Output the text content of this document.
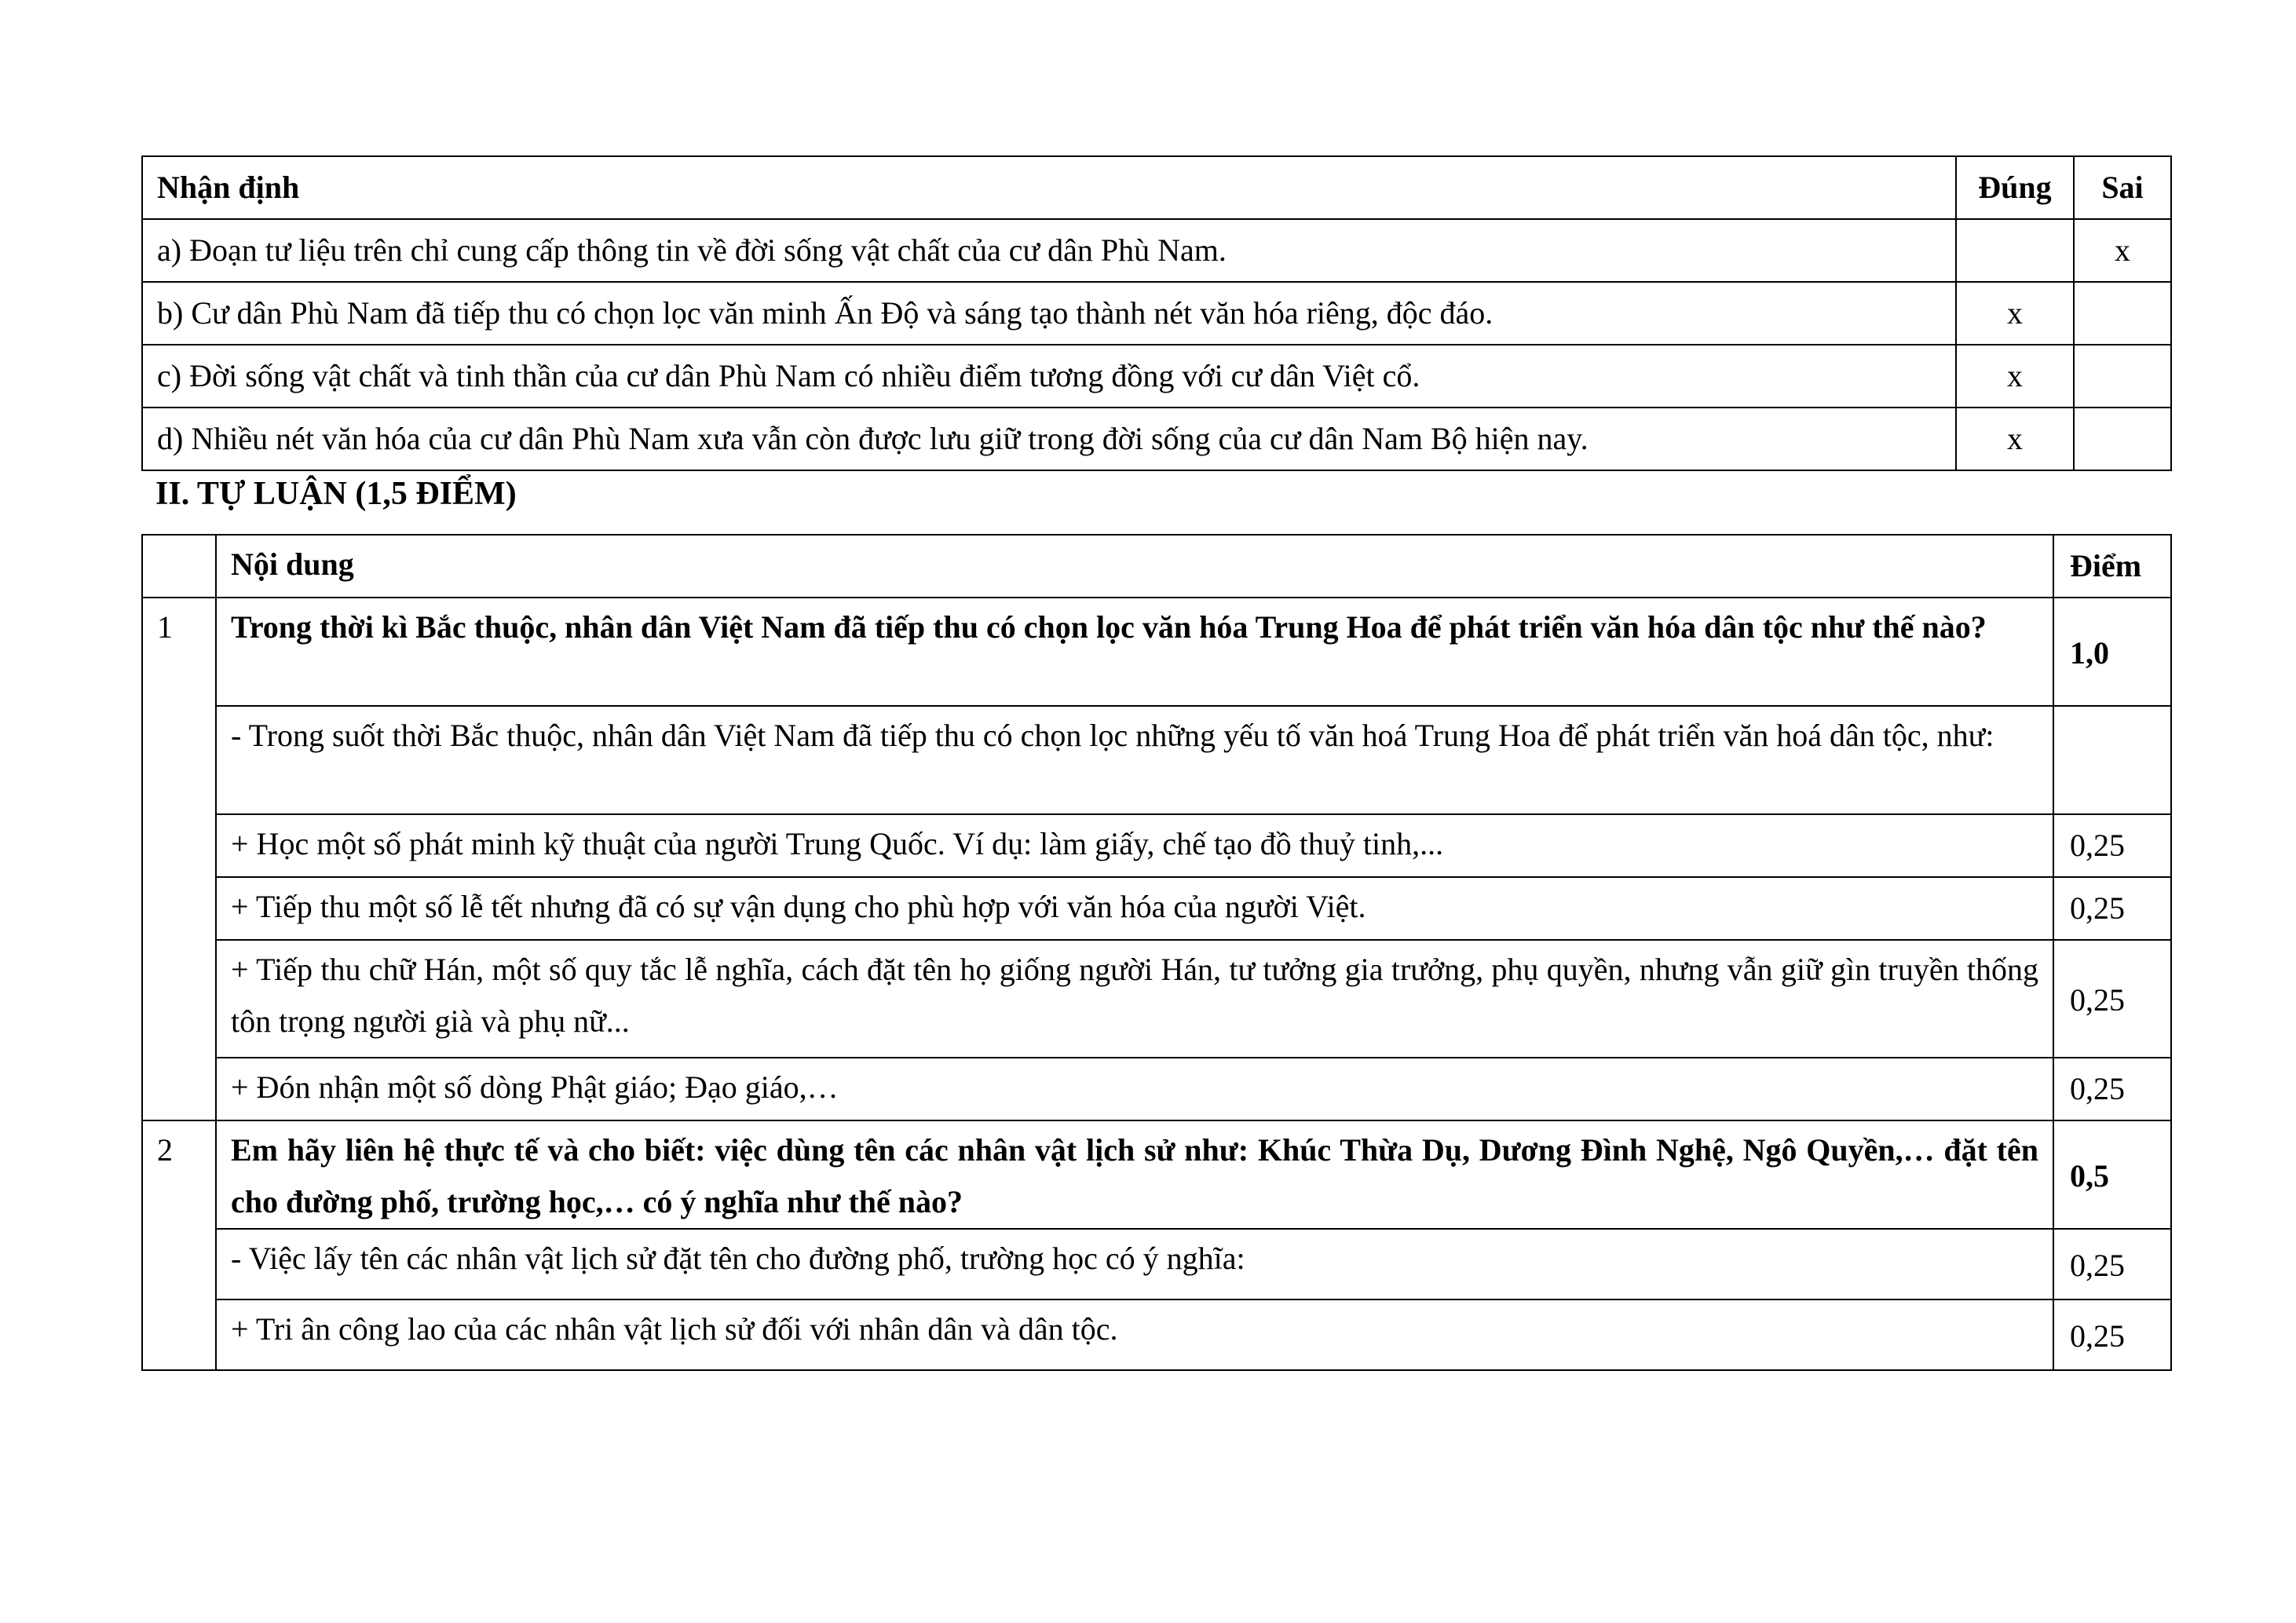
Nhận định	Đúng	Sai
a) Đoạn tư liệu trên chỉ cung cấp thông tin về đời sống vật chất của cư dân Phù Nam.		x
b) Cư dân Phù Nam đã tiếp thu có chọn lọc văn minh Ấn Độ và sáng tạo thành nét văn hóa riêng, độc đáo.	x	
c) Đời sống vật chất và tinh thần của cư dân Phù Nam có nhiều điểm tương đồng với cư dân Việt cổ.	x	
d) Nhiều nét văn hóa của cư dân Phù Nam xưa vẫn còn được lưu giữ trong đời sống của cư dân Nam Bộ hiện nay.	x	
II. TỰ LUẬN (1,5 ĐIỂM)
	Nội dung	Điểm
1	Trong thời kì Bắc thuộc, nhân dân Việt Nam đã tiếp thu có chọn lọc văn hóa Trung Hoa để phát triển văn hóa dân tộc như thế nào?	1,0
	- Trong suốt thời Bắc thuộc, nhân dân Việt Nam đã tiếp thu có chọn lọc những yếu tố văn hoá Trung Hoa để phát triển văn hoá dân tộc, như:	
	+ Học một số phát minh kỹ thuật của người Trung Quốc. Ví dụ: làm giấy, chế tạo đồ thuỷ tinh,...	0,25
	+ Tiếp thu một số lễ tết nhưng đã có sự vận dụng cho phù hợp với văn hóa của người Việt.	0,25
	+ Tiếp thu chữ Hán, một số quy tắc lễ nghĩa, cách đặt tên họ giống người Hán, tư tưởng gia trưởng, phụ quyền, nhưng vẫn giữ gìn truyền thống tôn trọng người già và phụ nữ...	0,25
	+ Đón nhận một số dòng Phật giáo; Đạo giáo,…	0,25
2	Em hãy liên hệ thực tế và cho biết: việc dùng tên các nhân vật lịch sử như: Khúc Thừa Dụ, Dương Đình Nghệ, Ngô Quyền,… đặt tên cho đường phố, trường học,… có ý nghĩa như thế nào?	0,5
	- Việc lấy tên các nhân vật lịch sử đặt tên cho đường phố, trường học có ý nghĩa:	0,25
	+ Tri ân công lao của các nhân vật lịch sử đối với nhân dân và dân tộc.	0,25
